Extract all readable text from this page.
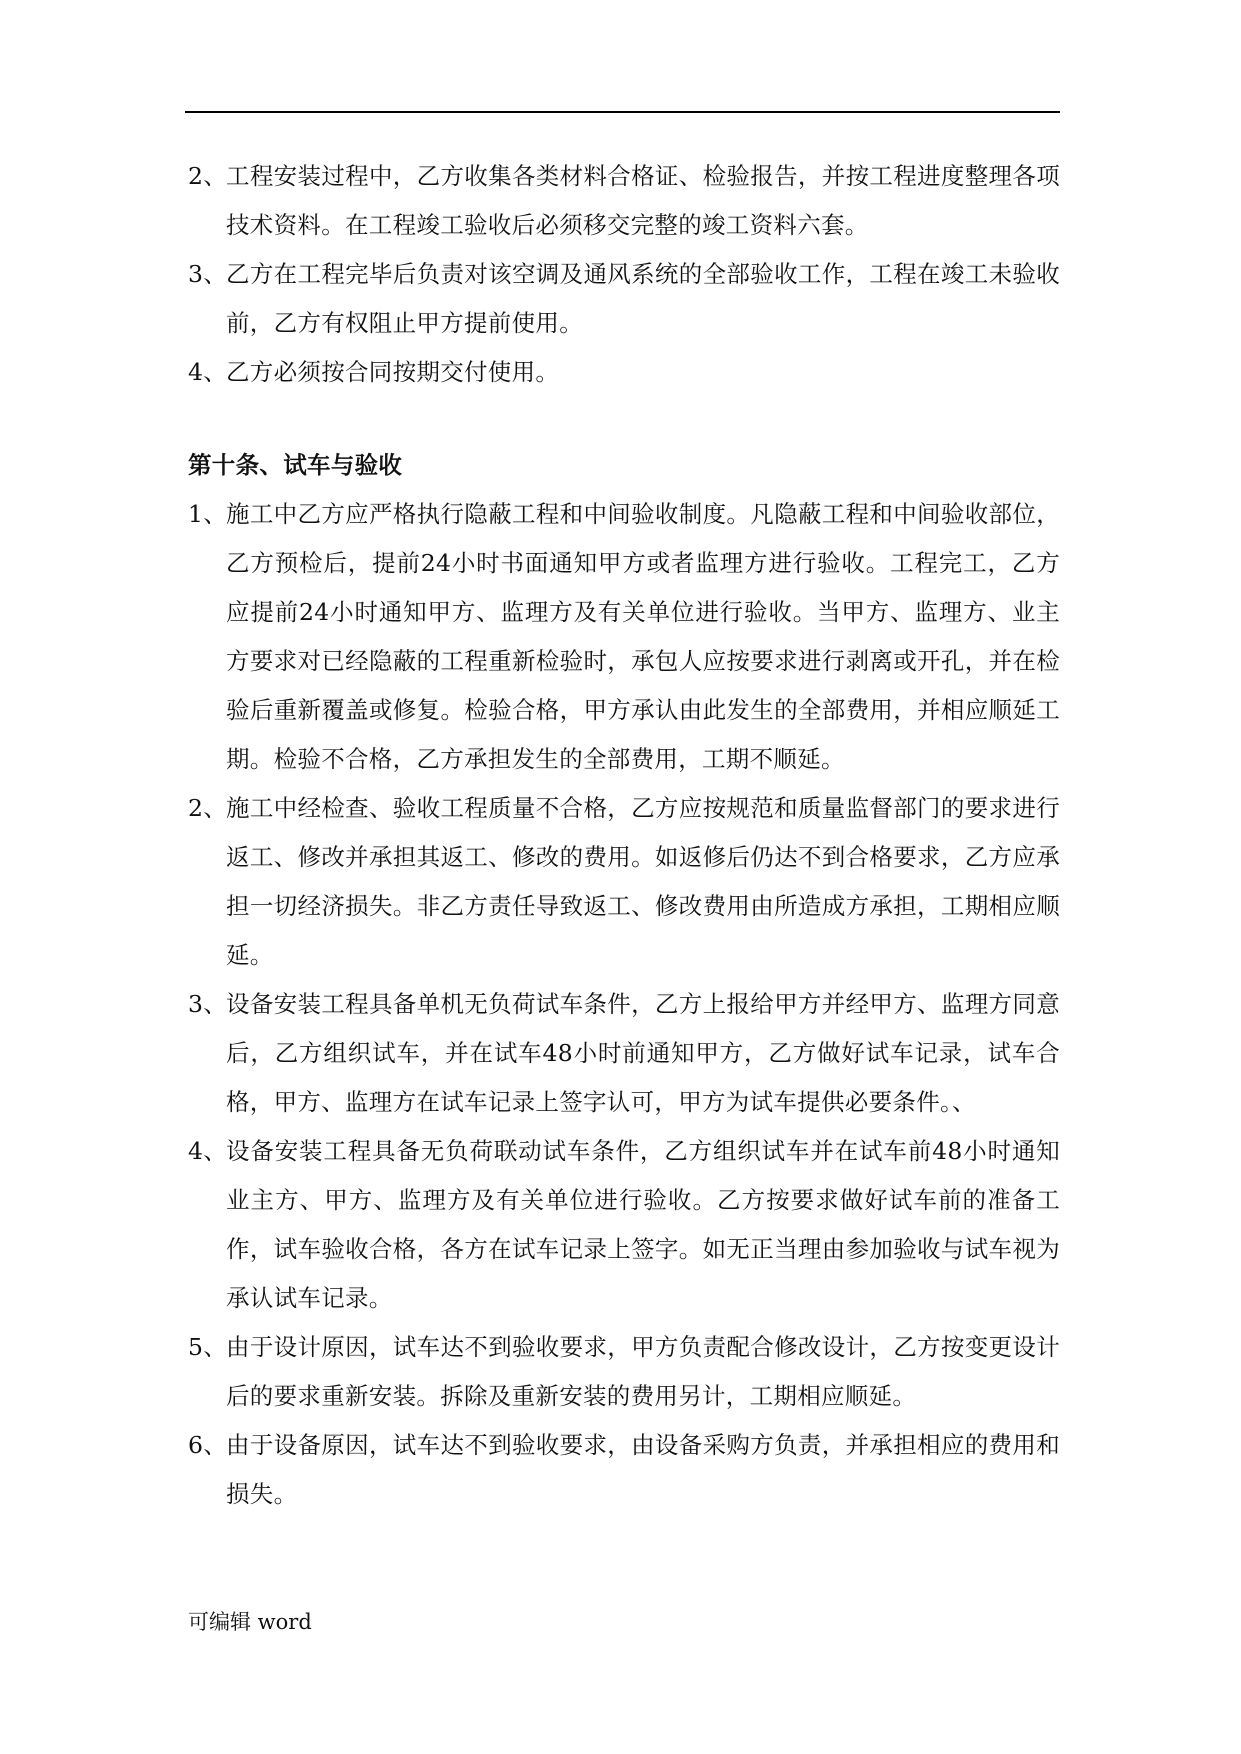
2、
工程安装过程中，乙方收集各类材料合格证、检验报告，并按工程进度整理各项技术资料。在工程竣工验收后必须移交完整的竣工资料六套。
3、
乙方在工程完毕后负责对该空调及通风系统的全部验收工作，工程在竣工未验收前，乙方有权阻止甲方提前使用。
4、
乙方必须按合同按期交付使用。
第十条、试车与验收
1、
施工中乙方应严格执行隐蔽工程和中间验收制度。凡隐蔽工程和中间验收部位，乙方预检后，提前24小时书面通知甲方或者监理方进行验收。工程完工，乙方应提前24小时通知甲方、监理方及有关单位进行验收。当甲方、监理方、业主方要求对已经隐蔽的工程重新检验时，承包人应按要求进行剥离或开孔，并在检验后重新覆盖或修复。检验合格，甲方承认由此发生的全部费用，并相应顺延工期。检验不合格，乙方承担发生的全部费用，工期不顺延。
2、
施工中经检查、验收工程质量不合格，乙方应按规范和质量监督部门的要求进行返工、修改并承担其返工、修改的费用。如返修后仍达不到合格要求，乙方应承担一切经济损失。非乙方责任导致返工、修改费用由所造成方承担，工期相应顺延。
3、
设备安装工程具备单机无负荷试车条件，乙方上报给甲方并经甲方、监理方同意后，乙方组织试车，并在试车48小时前通知甲方，乙方做好试车记录，试车合格，甲方、监理方在试车记录上签字认可，甲方为试车提供必要条件。、
4、
设备安装工程具备无负荷联动试车条件，乙方组织试车并在试车前48小时通知业主方、甲方、监理方及有关单位进行验收。乙方按要求做好试车前的准备工作，试车验收合格，各方在试车记录上签字。如无正当理由参加验收与试车视为承认试车记录。
5、
由于设计原因，试车达不到验收要求，甲方负责配合修改设计，乙方按变更设计后的要求重新安装。拆除及重新安装的费用另计，工期相应顺延。
6、
由于设备原因，试车达不到验收要求，由设备采购方负责，并承担相应的费用和损失。
可编辑 word
